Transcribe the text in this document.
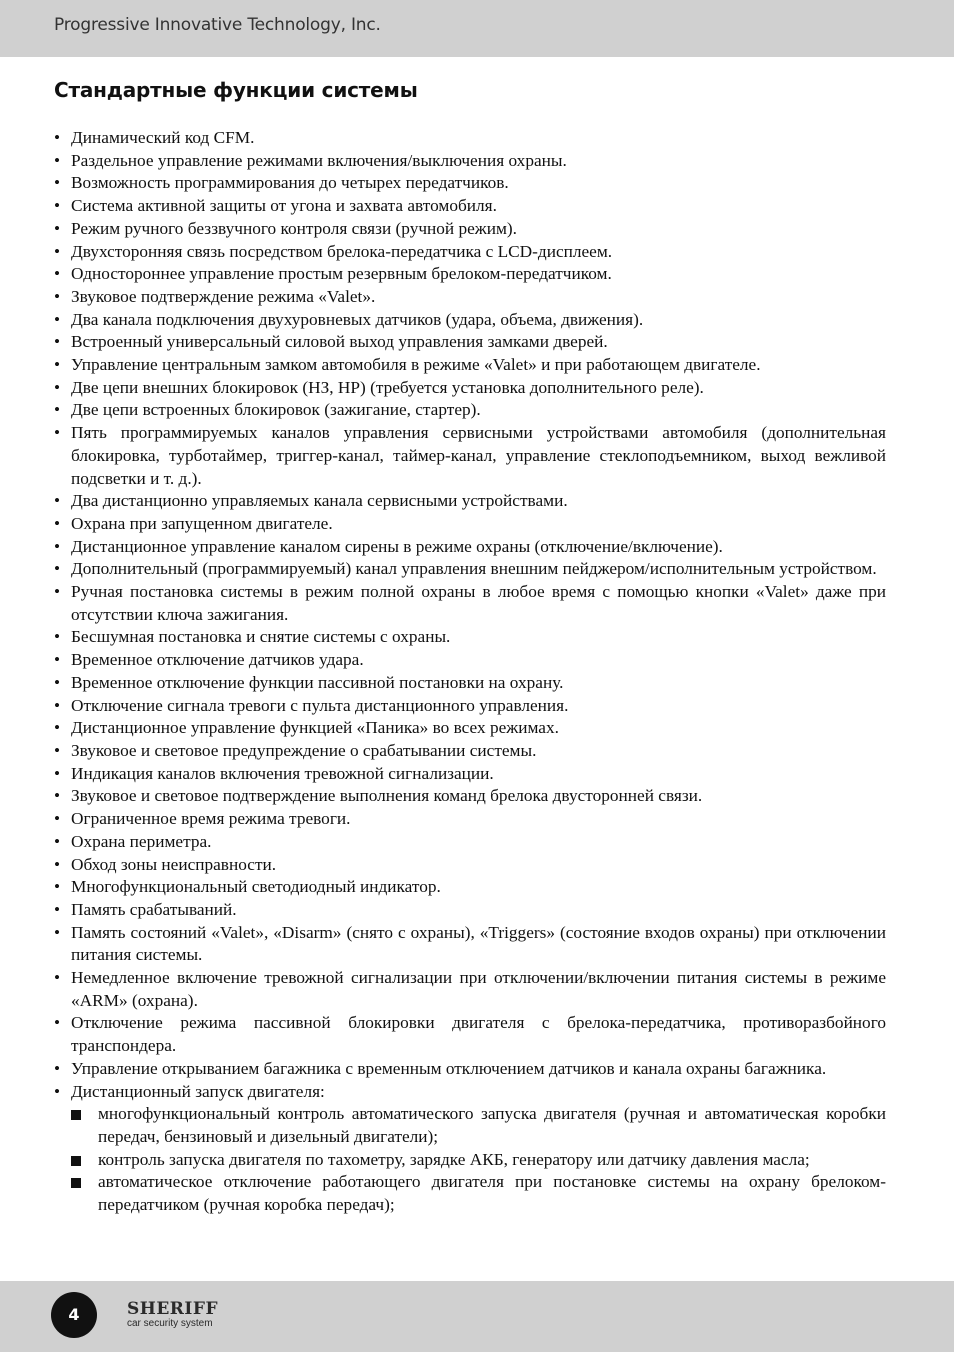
Progressive Innovative Technology, Inc.
Стандартные функции системы
• Динамический код CFM.
• Раздельное управление режимами включения/выключения охраны.
• Возможность программирования до четырех передатчиков.
• Система активной защиты от угона и захвата автомобиля.
• Режим ручного беззвучного контроля связи (ручной режим).
• Двухсторонняя связь посредством брелока-передатчика с LCD-дисплеем.
• Одностороннее управление простым резервным брелоком-передатчиком.
• Звуковое подтверждение режима «Valet».
• Два канала подключения двухуровневых датчиков (удара, объема, движения).
• Встроенный универсальный силовой выход управления замками дверей.
• Управление центральным замком автомобиля в режиме «Valet» и при работающем двигателе.
• Две цепи внешних блокировок (НЗ, НР) (требуется установка дополнительного реле).
• Две цепи встроенных блокировок (зажигание, стартер).
• Пять программируемых каналов управления сервисными устройствами автомобиля (дополнительная блокировка, турботаймер, триггер-канал, таймер-канал, управление стеклоподъемником, выход вежливой подсветки и т. д.).
• Два дистанционно управляемых канала сервисными устройствами.
• Охрана при запущенном двигателе.
• Дистанционное управление каналом сирены в режиме охраны (отключение/включение).
• Дополнительный (программируемый) канал управления внешним пейджером/исполнительным устройством.
• Ручная постановка системы в режим полной охраны в любое время с помощью кнопки «Valet» даже при отсутствии ключа зажигания.
• Бесшумная постановка и снятие системы с охраны.
• Временное отключение датчиков удара.
• Временное отключение функции пассивной постановки на охрану.
• Отключение сигнала тревоги с пульта дистанционного управления.
• Дистанционное управление функцией «Паника» во всех режимах.
• Звуковое и световое предупреждение о срабатывании системы.
• Индикация каналов включения тревожной сигнализации.
• Звуковое и световое подтверждение выполнения команд брелока двусторонней связи.
• Ограниченное время режима тревоги.
• Охрана периметра.
• Обход зоны неисправности.
• Многофункциональный светодиодный индикатор.
• Память срабатываний.
• Память состояний «Valet», «Disarm» (снято с охраны), «Triggers» (состояние входов охраны) при отключении питания системы.
• Немедленное включение тревожной сигнализации при отключении/включении питания системы в режиме «ARM» (охрана).
• Отключение режима пассивной блокировки двигателя с брелока-передатчика, противоразбойного транспондера.
• Управление открыванием багажника с временным отключением датчиков и канала охраны багажника.
• Дистанционный запуск двигателя:
многофункциональный контроль автоматического запуска двигателя (ручная и автоматическая коробки передач, бензиновый и дизельный двигатели);
контроль запуска двигателя по тахометру, зарядке АКБ, генератору или датчику давления масла;
автоматическое отключение работающего двигателя при постановке системы на охрану брелоком-передатчиком (ручная коробка передач);
4	SHERIFF
car security system
